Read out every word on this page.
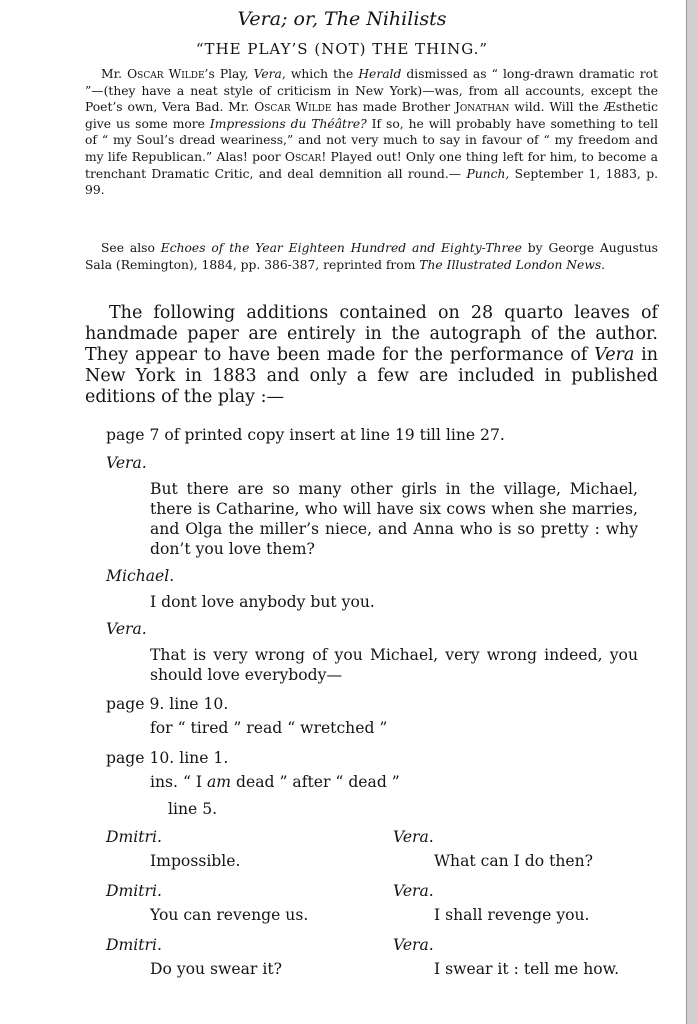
Vera; or, The Nihilists
“THE PLAY’S (NOT) THE THING.”

Mr. Oscar Wilde’s Play, Vera, which the Herald dismissed as “ long-drawn dramatic rot ”—(they have a neat style of criticism in New York)—was, from all accounts, except the Poet’s own, Vera Bad. Mr. Oscar Wilde has made Brother Jonathan wild. Will the Æsthetic give us some more Impressions du Théâtre? If so, he will probably have something to tell of “ my Soul’s dread weariness,” and not very much to say in favour of “ my freedom and my life Republican.” Alas! poor Oscar! Played out! Only one thing left for him, to become a trenchant Dramatic Critic, and deal demnition all round.— Punch, September 1, 1883, p. 99.

See also Echoes of the Year Eighteen Hundred and Eighty-Three by George Augustus Sala (Remington), 1884, pp. 386-387, reprinted from The Illustrated London News.

The following additions contained on 28 quarto leaves of handmade paper are entirely in the autograph of the author. They appear to have been made for the performance of Vera in New York in 1883 and only a few are included in published editions of the play :—

page 7 of printed copy insert at line 19 till line 27.
Vera.
But there are so many other girls in the village, Michael, there is Catharine, who will have six cows when she marries, and Olga the miller’s niece, and Anna who is so pretty : why don’t you love them?
Michael.
I dont love anybody but you.
Vera.
That is very wrong of you Michael, very wrong indeed, you should love everybody—
page 9. line 10.
for “ tired ” read “ wretched ”
page 10. line 1.
ins. “ I am dead ” after “ dead ”
line 5.
Dmitri.	Vera.
Impossible.	What can I do then?
Dmitri.	Vera.
You can revenge us.	I shall revenge you.
Dmitri.	Vera.
Do you swear it?	I swear it : tell me how.
